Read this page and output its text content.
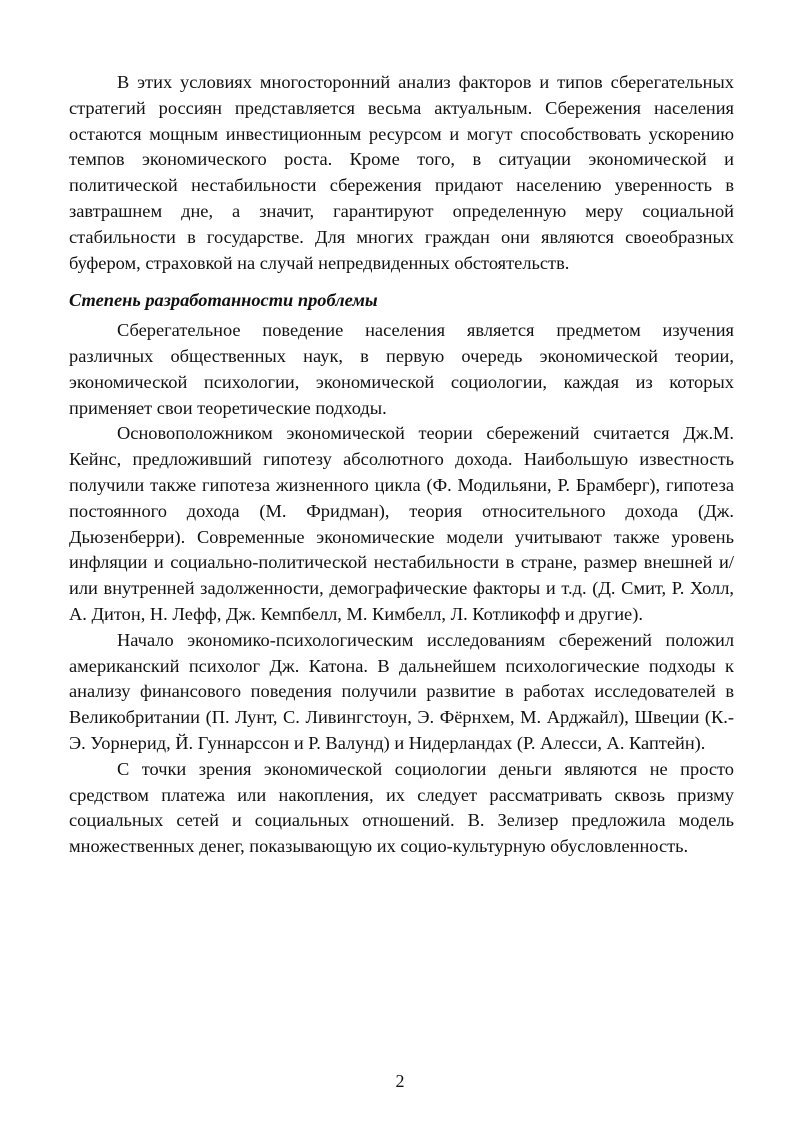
В этих условиях многосторонний анализ факторов и типов сберегательных стратегий россиян представляется весьма актуальным. Сбережения населения остаются мощным инвестиционным ресурсом и могут способствовать ускорению темпов экономического роста. Кроме того, в ситуации экономической и политической нестабильности сбережения придают населению уверенность в завтрашнем дне, а значит, гарантируют определенную меру социальной стабильности в государстве. Для многих граждан они являются своеобразных буфером, страховкой на случай непредвиденных обстоятельств.

Степень разработанности проблемы

Сберегательное поведение населения является предметом изучения различных общественных наук, в первую очередь экономической теории, экономической психологии, экономической социологии, каждая из которых применяет свои теоретические подходы.

Основоположником экономической теории сбережений считается Дж.М. Кейнс, предложивший гипотезу абсолютного дохода. Наибольшую известность получили также гипотеза жизненного цикла (Ф. Модильяни, Р. Брамберг), гипотеза постоянного дохода (М. Фридман), теория относительного дохода (Дж. Дьюзенберри). Современные экономические модели учитывают также уровень инфляции и социально-политической нестабильности в стране, размер внешней и/или внутренней задолженности, демографические факторы и т.д. (Д. Смит, Р. Холл, А. Дитон, Н. Лефф, Дж. Кемпбелл, М. Кимбелл, Л. Котликофф и другие).

Начало экономико-психологическим исследованиям сбережений положил американский психолог Дж. Катона. В дальнейшем психологические подходы к анализу финансового поведения получили развитие в работах исследователей в Великобритании (П. Лунт, С. Ливингстоун, Э. Фёрнхем, М. Арджайл), Швеции (К.-Э. Уорнерид, Й. Гуннарссон и Р. Валунд) и Нидерландах (Р. Алесси, А. Каптейн).

С точки зрения экономической социологии деньги являются не просто средством платежа или накопления, их следует рассматривать сквозь призму социальных сетей и социальных отношений. В. Зелизер предложила модель множественных денег, показывающую их социо-культурную обусловленность.

2
